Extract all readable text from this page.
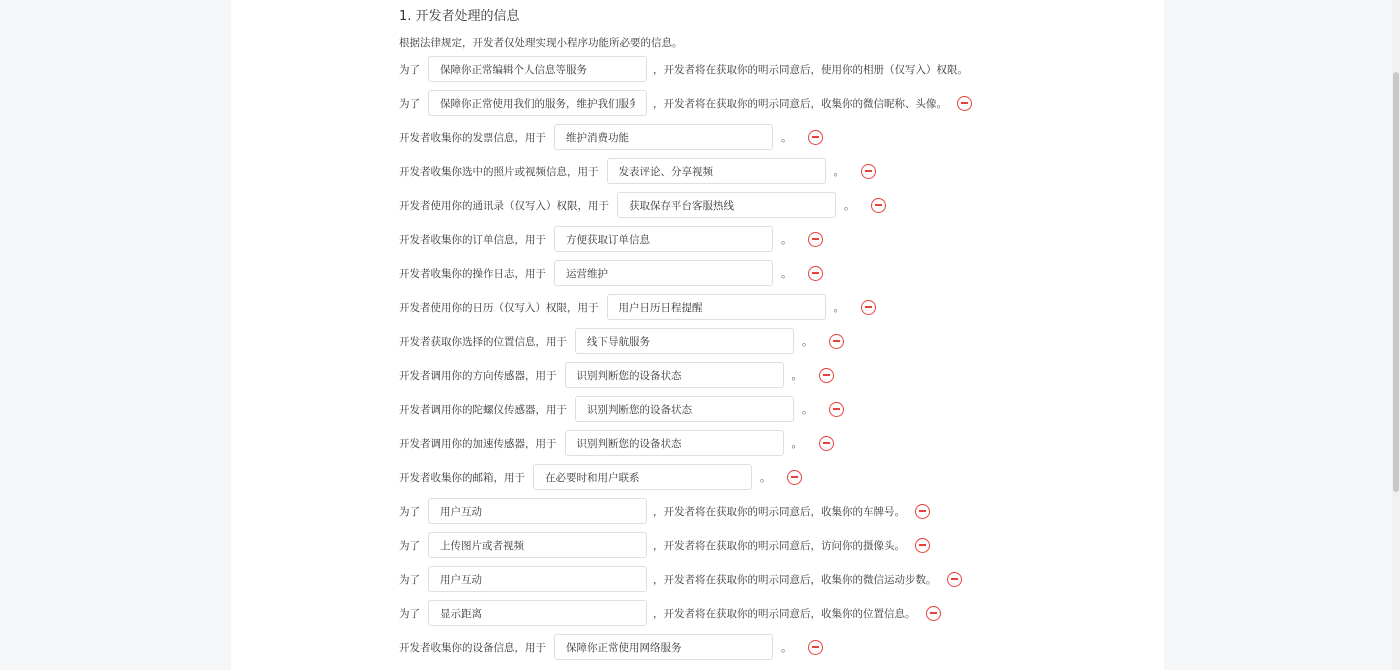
1. 开发者处理的信息
根据法律规定，开发者仅处理实现小程序功能所必要的信息。
为了
保障你正常编辑个人信息等服务	，开发者将在获取你的明示同意后，使用你的相册（仅写入）权限。
为了
保障你正常使用我们的服务，维护我们服务	，开发者将在获取你的明示同意后，收集你的微信昵称、头像。
开发者收集你的发票信息，用于
维护消费功能	。
开发者收集你选中的照片或视频信息，用于
发表评论、分享视频	。
开发者使用你的通讯录（仅写入）权限，用于
获取保存平台客服热线	。
开发者收集你的订单信息，用于
方便获取订单信息	。
开发者收集你的操作日志，用于
运营维护	。
开发者使用你的日历（仅写入）权限，用于
用户日历日程提醒	。
开发者获取你选择的位置信息，用于
线下导航服务	。
开发者调用你的方向传感器，用于
识别判断您的设备状态	。
开发者调用你的陀螺仪传感器，用于
识别判断您的设备状态	。
开发者调用你的加速传感器，用于
识别判断您的设备状态	。
开发者收集你的邮箱，用于
在必要时和用户联系	。
为了
用户互动	，开发者将在获取你的明示同意后，收集你的车牌号。
为了
上传图片或者视频	，开发者将在获取你的明示同意后，访问你的摄像头。
为了
用户互动	，开发者将在获取你的明示同意后，收集你的微信运动步数。
为了
显示距离	，开发者将在获取你的明示同意后，收集你的位置信息。
开发者收集你的设备信息，用于
保障你正常使用网络服务	。
